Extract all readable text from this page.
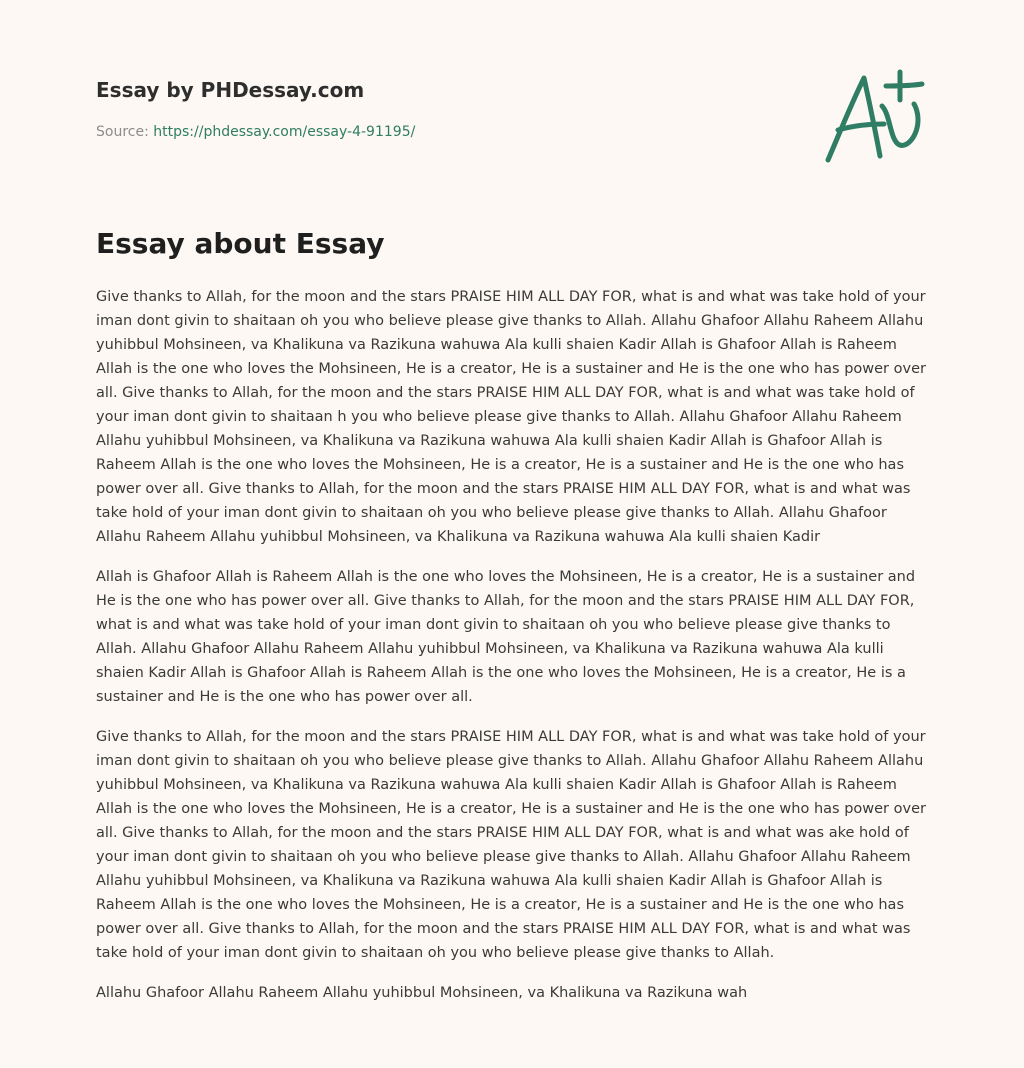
Essay by PHDessay.com
Source: https://phdessay.com/essay-4-91195/
Essay about Essay

Give thanks to Allah, for the moon and the stars PRAISE HIM ALL DAY FOR, what is and what was take hold of your iman dont givin to shaitaan oh you who believe please give thanks to Allah. Allahu Ghafoor Allahu Raheem Allahu yuhibbul Mohsineen, va Khalikuna va Razikuna wahuwa Ala kulli shaien Kadir Allah is Ghafoor Allah is Raheem Allah is the one who loves the Mohsineen, He is a creator, He is a sustainer and He is the one who has power over all. Give thanks to Allah, for the moon and the stars PRAISE HIM ALL DAY FOR, what is and what was take hold of your iman dont givin to shaitaan h you who believe please give thanks to Allah. Allahu Ghafoor Allahu Raheem Allahu yuhibbul Mohsineen, va Khalikuna va Razikuna wahuwa Ala kulli shaien Kadir Allah is Ghafoor Allah is Raheem Allah is the one who loves the Mohsineen, He is a creator, He is a sustainer and He is the one who has power over all. Give thanks to Allah, for the moon and the stars PRAISE HIM ALL DAY FOR, what is and what was take hold of your iman dont givin to shaitaan oh you who believe please give thanks to Allah. Allahu Ghafoor Allahu Raheem Allahu yuhibbul Mohsineen, va Khalikuna va Razikuna wahuwa Ala kulli shaien Kadir

Allah is Ghafoor Allah is Raheem Allah is the one who loves the Mohsineen, He is a creator, He is a sustainer and He is the one who has power over all. Give thanks to Allah, for the moon and the stars PRAISE HIM ALL DAY FOR, what is and what was take hold of your iman dont givin to shaitaan oh you who believe please give thanks to Allah. Allahu Ghafoor Allahu Raheem Allahu yuhibbul Mohsineen, va Khalikuna va Razikuna wahuwa Ala kulli shaien Kadir Allah is Ghafoor Allah is Raheem Allah is the one who loves the Mohsineen, He is a creator, He is a sustainer and He is the one who has power over all.

Give thanks to Allah, for the moon and the stars PRAISE HIM ALL DAY FOR, what is and what was take hold of your iman dont givin to shaitaan oh you who believe please give thanks to Allah. Allahu Ghafoor Allahu Raheem Allahu yuhibbul Mohsineen, va Khalikuna va Razikuna wahuwa Ala kulli shaien Kadir Allah is Ghafoor Allah is Raheem Allah is the one who loves the Mohsineen, He is a creator, He is a sustainer and He is the one who has power over all. Give thanks to Allah, for the moon and the stars PRAISE HIM ALL DAY FOR, what is and what was ake hold of your iman dont givin to shaitaan oh you who believe please give thanks to Allah. Allahu Ghafoor Allahu Raheem Allahu yuhibbul Mohsineen, va Khalikuna va Razikuna wahuwa Ala kulli shaien Kadir Allah is Ghafoor Allah is Raheem Allah is the one who loves the Mohsineen, He is a creator, He is a sustainer and He is the one who has power over all. Give thanks to Allah, for the moon and the stars PRAISE HIM ALL DAY FOR, what is and what was take hold of your iman dont givin to shaitaan oh you who believe please give thanks to Allah.

Allahu Ghafoor Allahu Raheem Allahu yuhibbul Mohsineen, va Khalikuna va Razikuna wah
